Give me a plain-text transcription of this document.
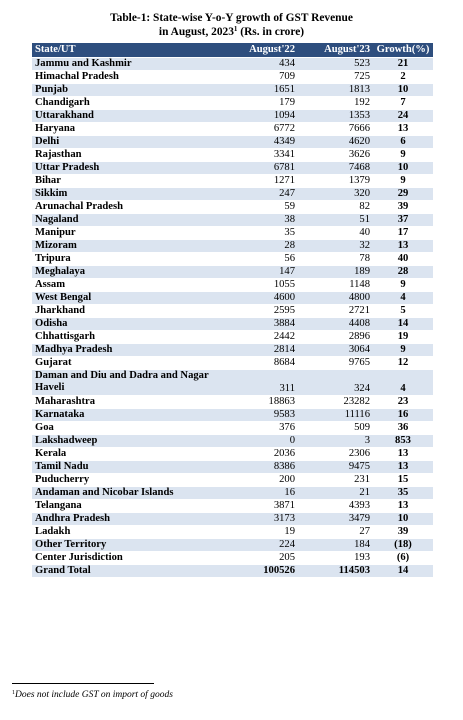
Table-1: State-wise Y-o-Y growth of GST Revenue
in August, 2023$^1$ (Rs. in crore)
State/UT	August'22	August'23	Growth(%)
Jammu and Kashmir	434	523	21
Himachal Pradesh	709	725	2
Punjab	1651	1813	10
Chandigarh	179	192	7
Uttarakhand	1094	1353	24
Haryana	6772	7666	13
Delhi	4349	4620	6
Rajasthan	3341	3626	9
Uttar Pradesh	6781	7468	10
Bihar	1271	1379	9
Sikkim	247	320	29
Arunachal Pradesh	59	82	39
Nagaland	38	51	37
Manipur	35	40	17
Mizoram	28	32	13
Tripura	56	78	40
Meghalaya	147	189	28
Assam	1055	1148	9
West Bengal	4600	4800	4
Jharkhand	2595	2721	5
Odisha	3884	4408	14
Chhattisgarh	2442	2896	19
Madhya Pradesh	2814	3064	9
Gujarat	8684	9765	12
Daman and Diu and Dadra and Nagar Haveli	311	324	4
Maharashtra	18863	23282	23
Karnataka	9583	11116	16
Goa	376	509	36
Lakshadweep	0	3	853
Kerala	2036	2306	13
Tamil Nadu	8386	9475	13
Puducherry	200	231	15
Andaman and Nicobar Islands	16	21	35
Telangana	3871	4393	13
Andhra Pradesh	3173	3479	10
Ladakh	19	27	39
Other Territory	224	184	(18)
Center Jurisdiction	205	193	(6)
Grand Total	100526	114503	14
$^1$Does not include GST on import of goods
